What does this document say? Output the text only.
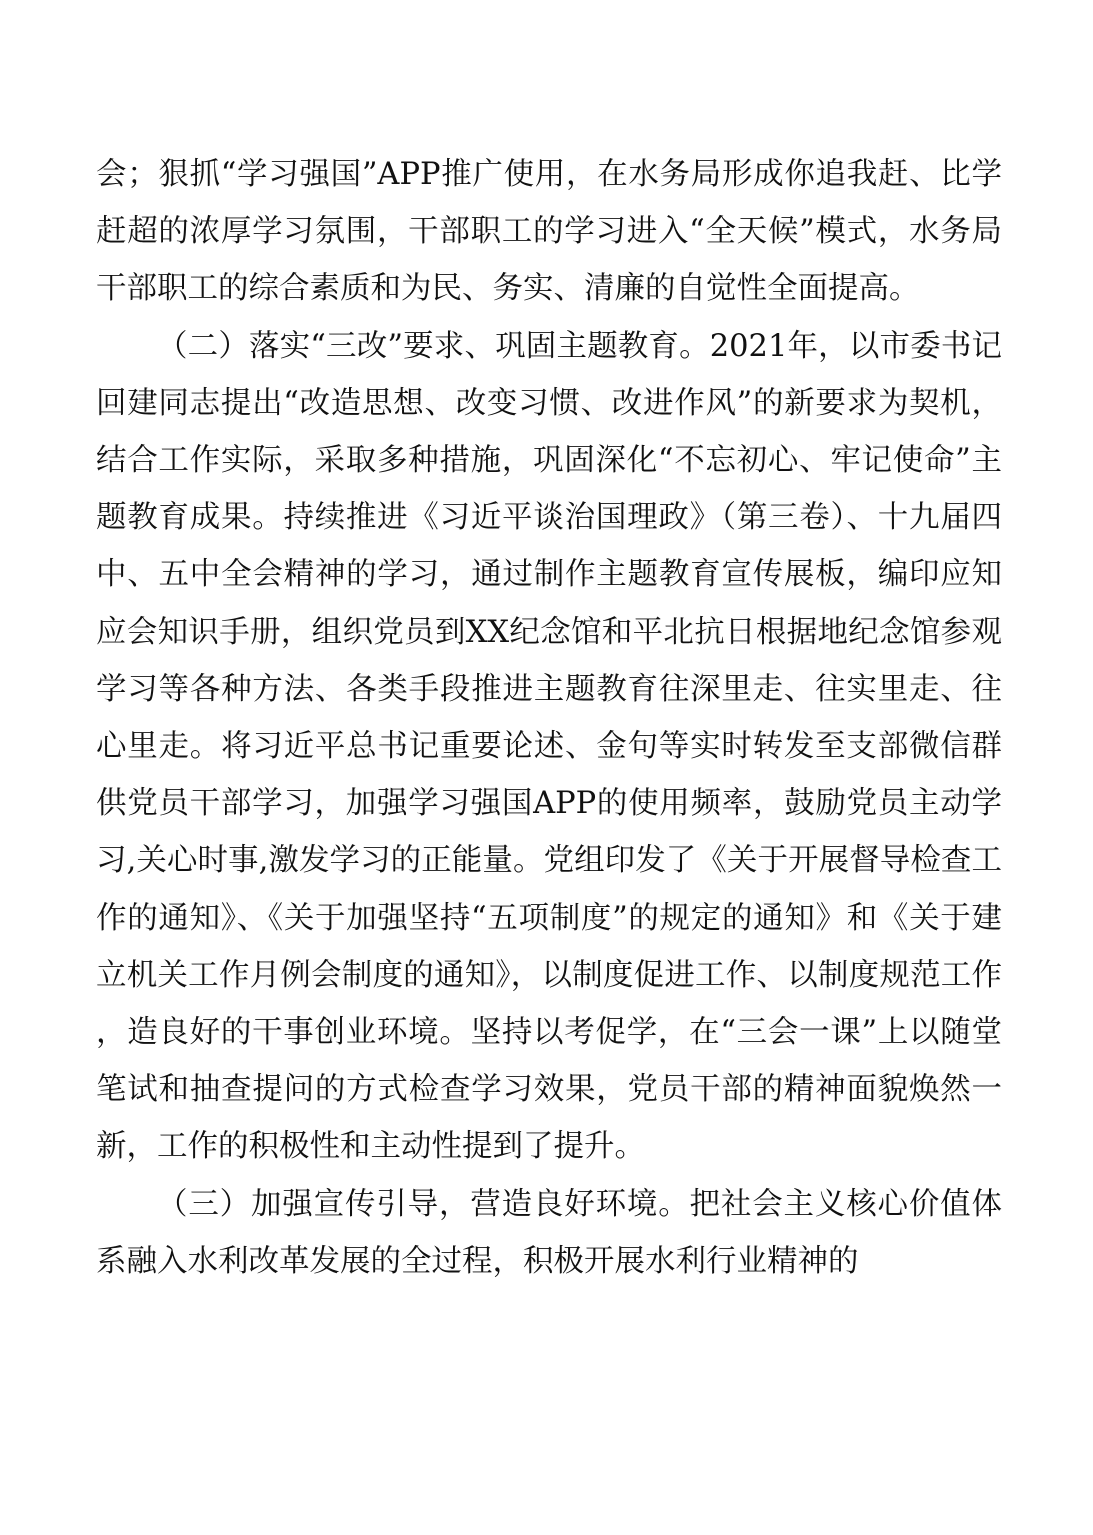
会；狠抓“学习强国”APP推广使用，在水务局形成你追我赶、比学赶超的浓厚学习氛围，干部职工的学习进入“全天候”模式，水务局干部职工的综合素质和为民、务实、清廉的自觉性全面提高。

（二）落实“三改”要求、巩固主题教育。2021年，以市委书记回建同志提出“改造思想、改变习惯、改进作风”的新要求为契机，结合工作实际，采取多种措施，巩固深化“不忘初心、牢记使命”主题教育成果。持续推进《习近平谈治国理政》（第三卷）、十九届四中、五中全会精神的学习，通过制作主题教育宣传展板，编印应知应会知识手册，组织党员到XX纪念馆和平北抗日根据地纪念馆参观学习等各种方法、各类手段推进主题教育往深里走、往实里走、往心里走。将习近平总书记重要论述、金句等实时转发至支部微信群供党员干部学习，加强学习强国APP的使用频率，鼓励党员主动学习,关心时事,激发学习的正能量。党组印发了《关于开展督导检查工作的通知》、《关于加强坚持“五项制度”的规定的通知》和《关于建立机关工作月例会制度的通知》，以制度促进工作、以制度规范工作，造良好的干事创业环境。坚持以考促学，在“三会一课”上以随堂笔试和抽查提问的方式检查学习效果，党员干部的精神面貌焕然一新，工作的积极性和主动性提到了提升。

（三）加强宣传引导，营造良好环境。把社会主义核心价值体系融入水利改革发展的全过程，积极开展水利行业精神的
